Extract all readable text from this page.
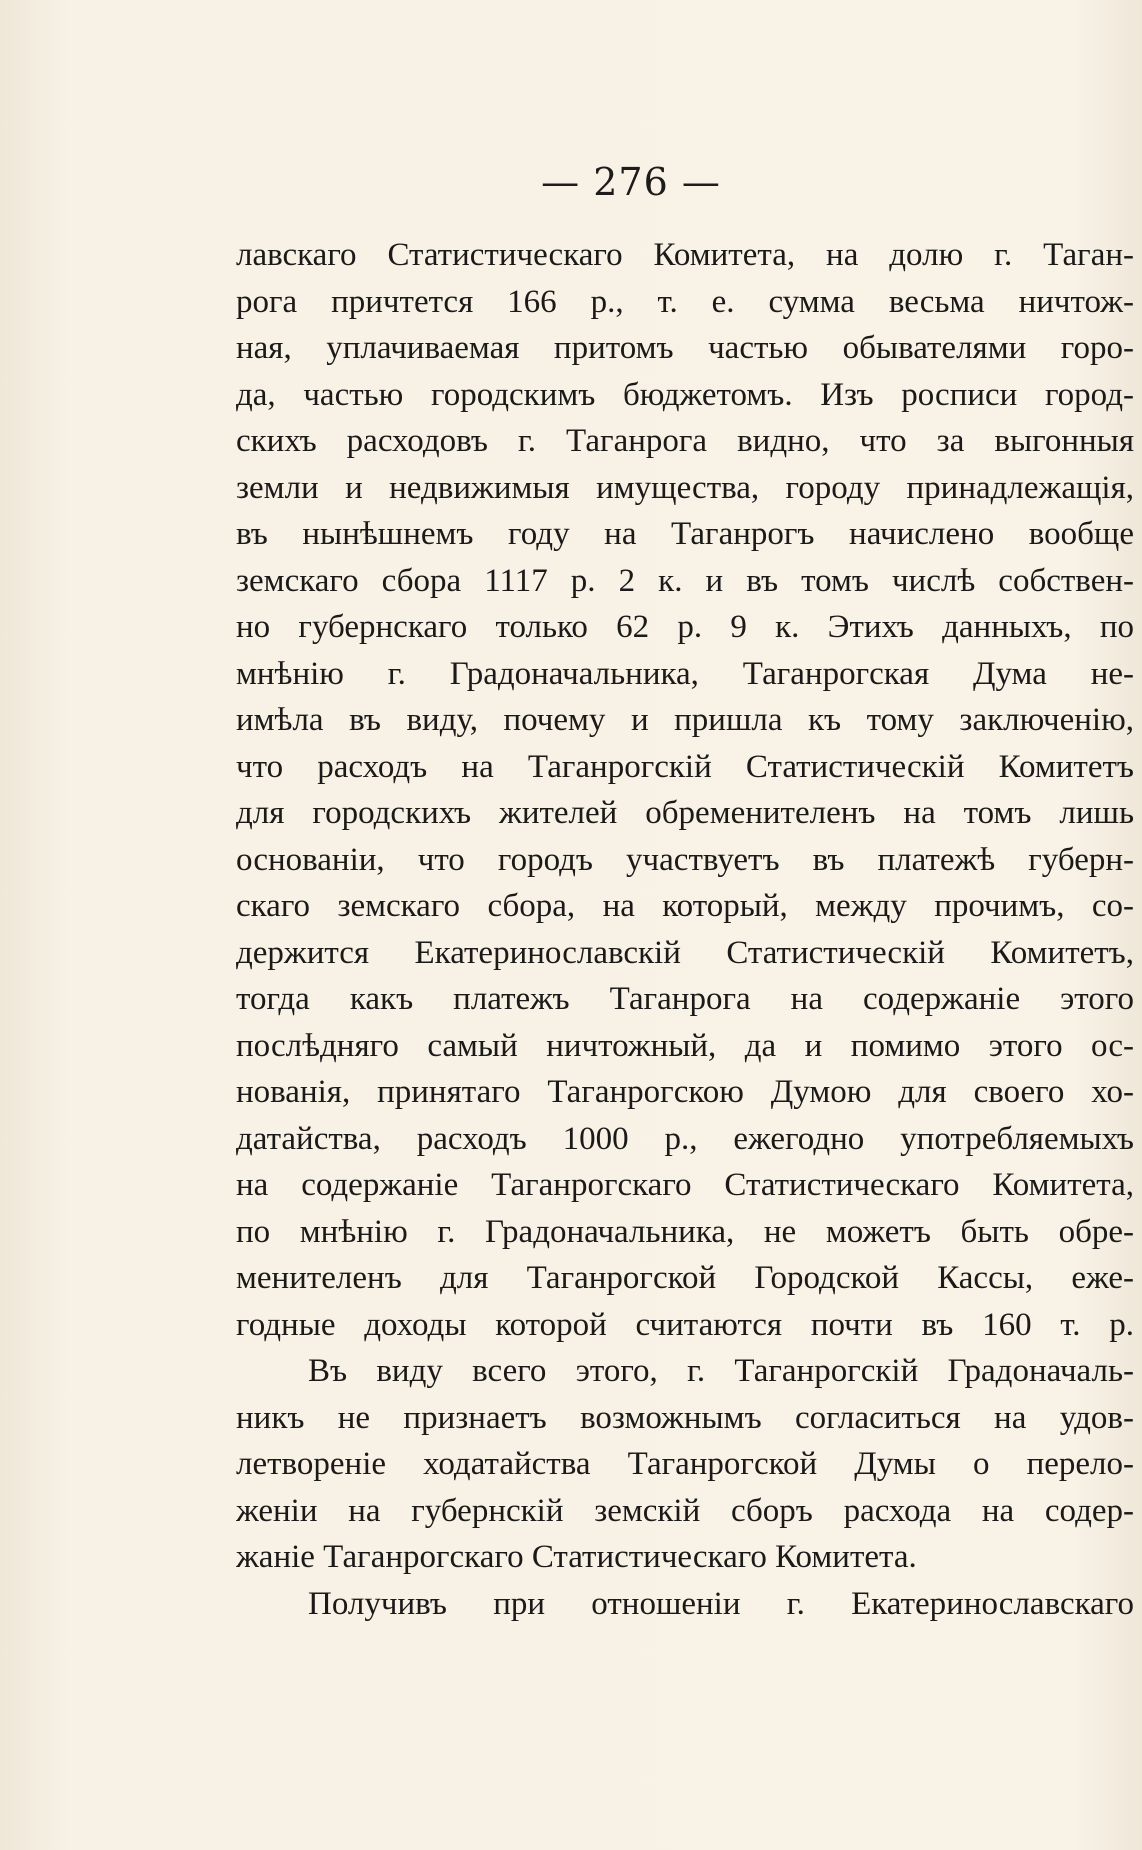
— 276 —
лавскаго Статистическаго Комитета, на долю г. Таган-
рога причтется 166 р., т. е. сумма весьма ничтож-
ная, уплачиваемая притомъ частью обывателями горо-
да, частью городскимъ бюджетомъ. Изъ росписи город-
скихъ расходовъ г. Таганрога видно, что за выгонныя
земли и недвижимыя имущества, городу принадлежащія,
въ нынѣшнемъ году на Таганрогъ начислено вообще
земскаго сбора 1117 р. 2 к. и въ томъ числѣ собствен-
но губернскаго только 62 р. 9 к. Этихъ данныхъ, по
мнѣнію г. Градоначальника, Таганрогская Дума не-
имѣла въ виду, почему и пришла къ тому заключенію,
что расходъ на Таганрогскій Статистическій Комитетъ
для городскихъ жителей обременителенъ на томъ лишь
основаніи, что городъ участвуетъ въ платежѣ губерн-
скаго земскаго сбора, на который, между прочимъ, со-
держится Екатеринославскій Статистическій Комитетъ,
тогда какъ платежъ Таганрога на содержаніе этого
послѣдняго самый ничтожный, да и помимо этого ос-
нованія, принятаго Таганрогскою Думою для своего хо-
датайства, расходъ 1000 р., ежегодно употребляемыхъ
на содержаніе Таганрогскаго Статистическаго Комитета,
по мнѣнію г. Градоначальника, не можетъ быть обре-
менителенъ для Таганрогской Городской Кассы, еже-
годные доходы которой считаются почти въ 160 т. р.
Въ виду всего этого, г. Таганрогскій Градоначаль-
никъ не признаетъ возможнымъ согласиться на удов-
летвореніе ходатайства Таганрогской Думы о перело-
женіи на губернскій земскій сборъ расхода на содер-
жаніе Таганрогскаго Статистическаго Комитета.
Получивъ при отношеніи г. Екатеринославскаго
